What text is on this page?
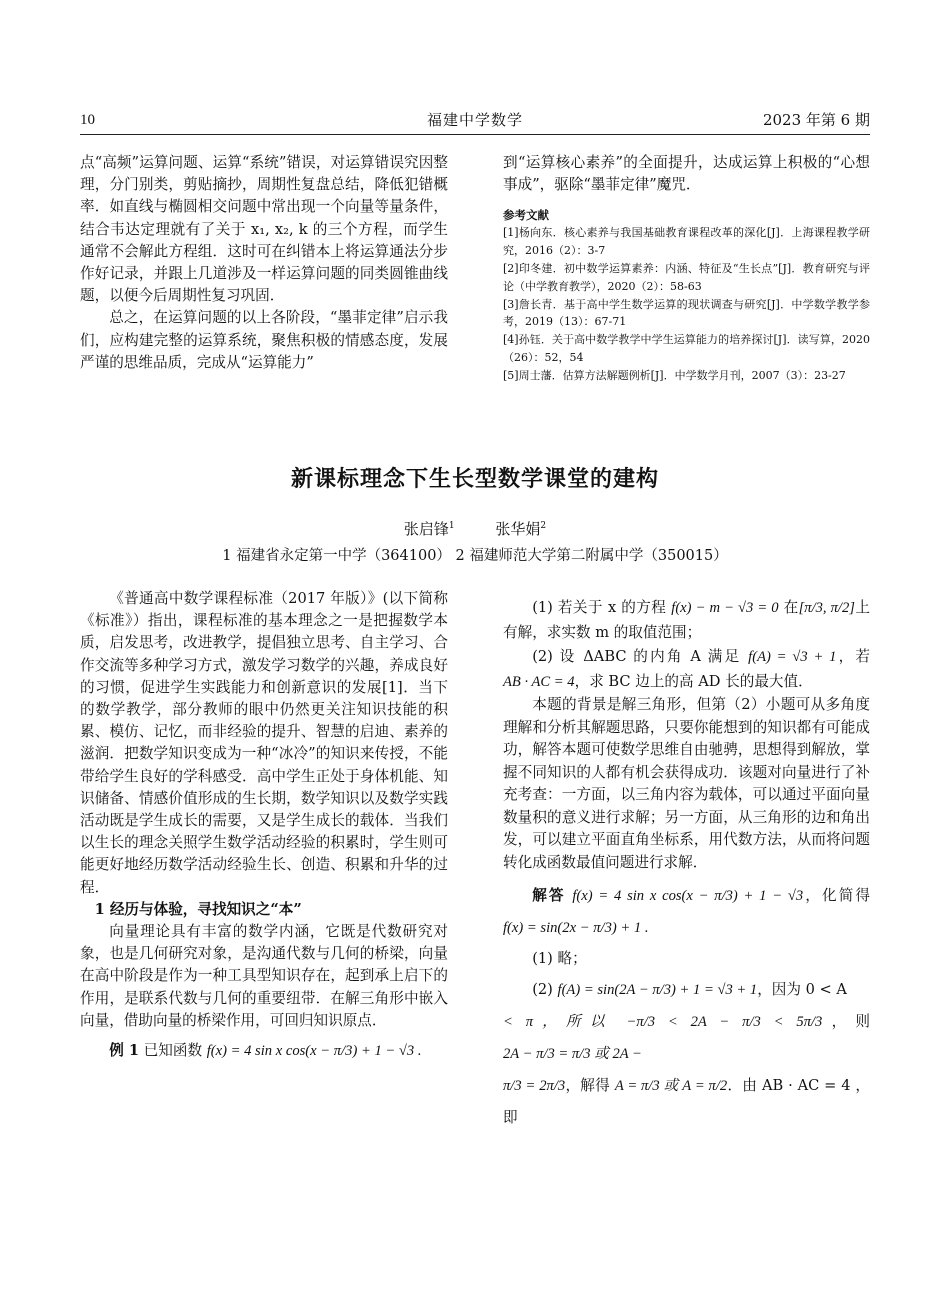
10	福建中学数学	2023 年第 6 期

点“高频”运算问题、运算“系统”错误，对运算错误究因整理，分门别类，剪贴摘抄，周期性复盘总结，降低犯错概率．如直线与椭圆相交问题中常出现一个向量等量条件，结合韦达定理就有了关于 x₁, x₂, k 的三个方程，而学生通常不会解此方程组．这时可在纠错本上将运算通法分步作好记录，并跟上几道涉及一样运算问题的同类圆锥曲线题，以便今后周期性复习巩固．

总之，在运算问题的以上各阶段，“墨菲定律”启示我们，应构建完整的运算系统，聚焦积极的情感态度，发展严谨的思维品质，完成从“运算能力”

到“运算核心素养”的全面提升，达成运算上积极的“心想事成”，驱除“墨菲定律”魔咒．

参考文献
[1]杨向东．核心素养与我国基础教育课程改革的深化[J]．上海课程教学研究，2016（2）：3-7
[2]印冬建．初中数学运算素养：内涵、特征及“生长点”[J]．教育研究与评论（中学教育教学），2020（2）：58-63
[3]詹长青．基于高中学生数学运算的现状调查与研究[J]．中学数学教学参考，2019（13）：67-71
[4]孙钰．关于高中数学教学中学生运算能力的培养探讨[J]．读写算，2020（26）：52，54
[5]周士藩．估算方法解题例析[J]．中学数学月刊，2007（3）：23-27
新课标理念下生长型数学课堂的建构
张启锋$^1$	张华娟$^2$
1 福建省永定第一中学（364100） 2 福建师范大学第二附属中学（350015）

《普通高中数学课程标准（2017 年版）》(以下简称《标准》）指出，课程标准的基本理念之一是把握数学本质，启发思考，改进教学，提倡独立思考、自主学习、合作交流等多种学习方式，激发学习数学的兴趣，养成良好的习惯，促进学生实践能力和创新意识的发展[1]．当下的数学教学，部分教师的眼中仍然更关注知识技能的积累、模仿、记忆，而非经验的提升、智慧的启迪、素养的滋润．把数学知识变成为一种“冰冷”的知识来传授，不能带给学生良好的学科感受．高中学生正处于身体机能、知识储备、情感价值形成的生长期，数学知识以及数学实践活动既是学生成长的需要，又是学生成长的载体．当我们以生长的理念关照学生数学活动经验的积累时，学生则可能更好地经历数学活动经验生长、创造、积累和升华的过程．

1 经历与体验，寻找知识之“本”

向量理论具有丰富的数学内涵，它既是代数研究对象，也是几何研究对象，是沟通代数与几何的桥梁，向量在高中阶段是作为一种工具型知识存在，起到承上启下的作用，是联系代数与几何的重要纽带．在解三角形中嵌入向量，借助向量的桥梁作用，可回归知识原点．

例 1 已知函数 f(x) = 4 sin x cos(x − π/3) + 1 − √3 .

(1) 若关于 x 的方程 f(x) − m − √3 = 0 在[π/3, π/2]上有解，求实数 m 的取值范围；

(2) 设 ΔABC 的内角 A 满足 f(A) = √3 + 1，若 AB · AC = 4，求 BC 边上的高 AD 长的最大值．

本题的背景是解三角形，但第（2）小题可从多角度理解和分析其解题思路，只要你能想到的知识都有可能成功，解答本题可使数学思维自由驰骋，思想得到解放，掌握不同知识的人都有机会获得成功．该题对向量进行了补充考查：一方面，以三角内容为载体，可以通过平面向量数量积的意义进行求解；另一方面，从三角形的边和角出发，可以建立平面直角坐标系，用代数方法，从而将问题转化成函数最值问题进行求解．

解答 f(x) = 4 sin x cos(x − π/3) + 1 − √3，化简得 f(x) = sin(2x − π/3) + 1 .

(1) 略；

(2) f(A) = sin(2A − π/3) + 1 = √3 + 1，因为 0 < A

< π，所以 −π/3 < 2A − π/3 < 5π/3，则 2A − π/3 = π/3 或 2A −

π/3 = 2π/3，解得 A = π/3 或 A = π/2．由 AB · AC = 4 ，即
